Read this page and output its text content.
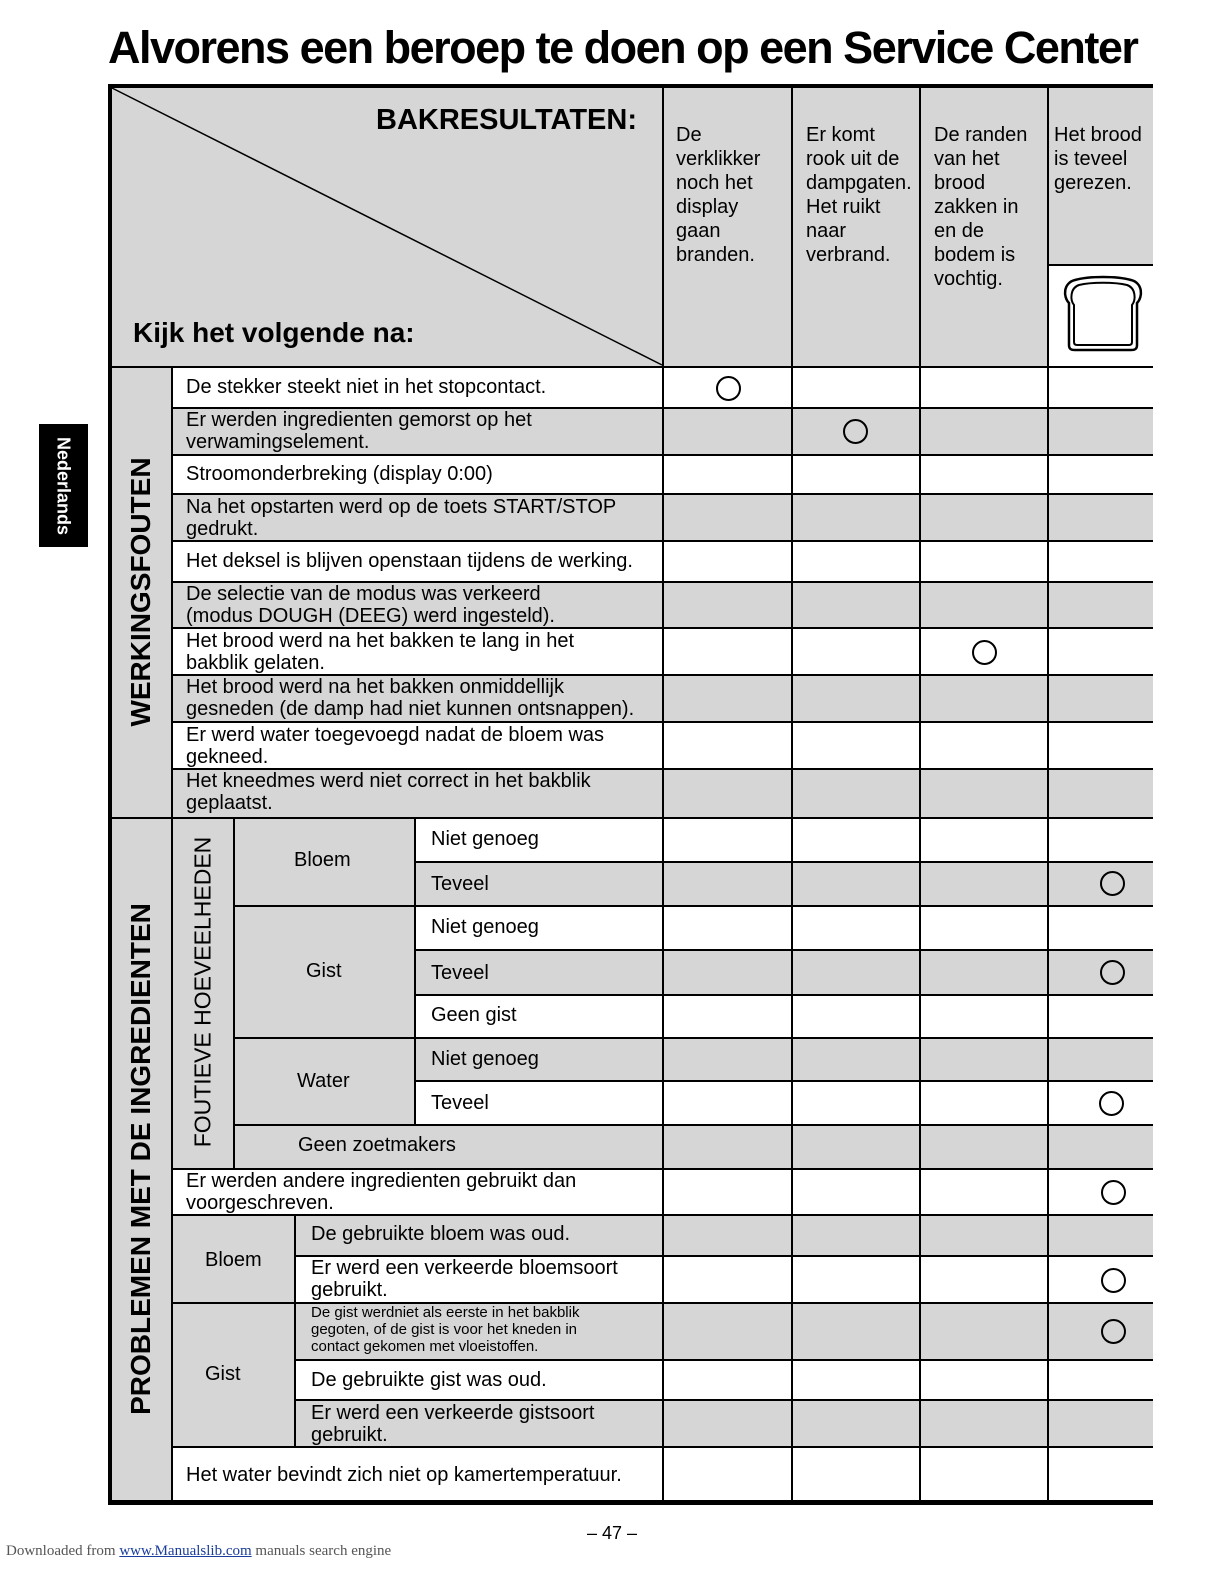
Alvorens een beroep te doen op een Service Center
Nederlands
BAKRESULTATEN:
Kijk het volgende na:
De
verklikker
noch het
display
gaan
branden.
Er komt
rook uit de
dampgaten.
Het ruikt
naar
verbrand.
De randen
van het
brood
zakken in
en de
bodem is
vochtig.
Het brood
is teveel
gerezen.
WERKINGSFOUTEN
PROBLEMEN MET DE INGREDIENTEN FOUTIEVE HOEVEELHEDEN
De stekker steekt niet in het stopcontact.
Er werden ingredienten gemorst op het
verwamingselement.
Stroomonderbreking (display 0:00)
Na het opstarten werd op de toets START/STOP
gedrukt.
Het deksel is blijven openstaan tijdens de werking.
De selectie van de modus was verkeerd
(modus DOUGH (DEEG) werd ingesteld).
Het brood werd na het bakken te lang in het
bakblik gelaten.
Het brood werd na het bakken onmiddellijk
gesneden (de damp had niet kunnen ontsnappen).
Er werd water toegevoegd nadat de bloem was
gekneed.
Het kneedmes werd niet correct in het bakblik
geplaatst.
Bloem
Gist
Water
Geen zoetmakers
Niet genoeg
Teveel
Niet genoeg
Teveel
Geen gist
Niet genoeg
Teveel
Er werden andere ingredienten gebruikt dan
voorgeschreven.
Bloem
De gebruikte bloem was oud.
Er werd een verkeerde bloemsoort
gebruikt.
Gist
De gist werdniet als eerste in het bakblik
gegoten, of de gist is voor het kneden in
contact gekomen met vloeistoffen.
De gebruikte gist was oud.
Er werd een verkeerde gistsoort
gebruikt.
Het water bevindt zich niet op kamertemperatuur.
– 47 –
Downloaded from www.Manualslib.com manuals search engine
